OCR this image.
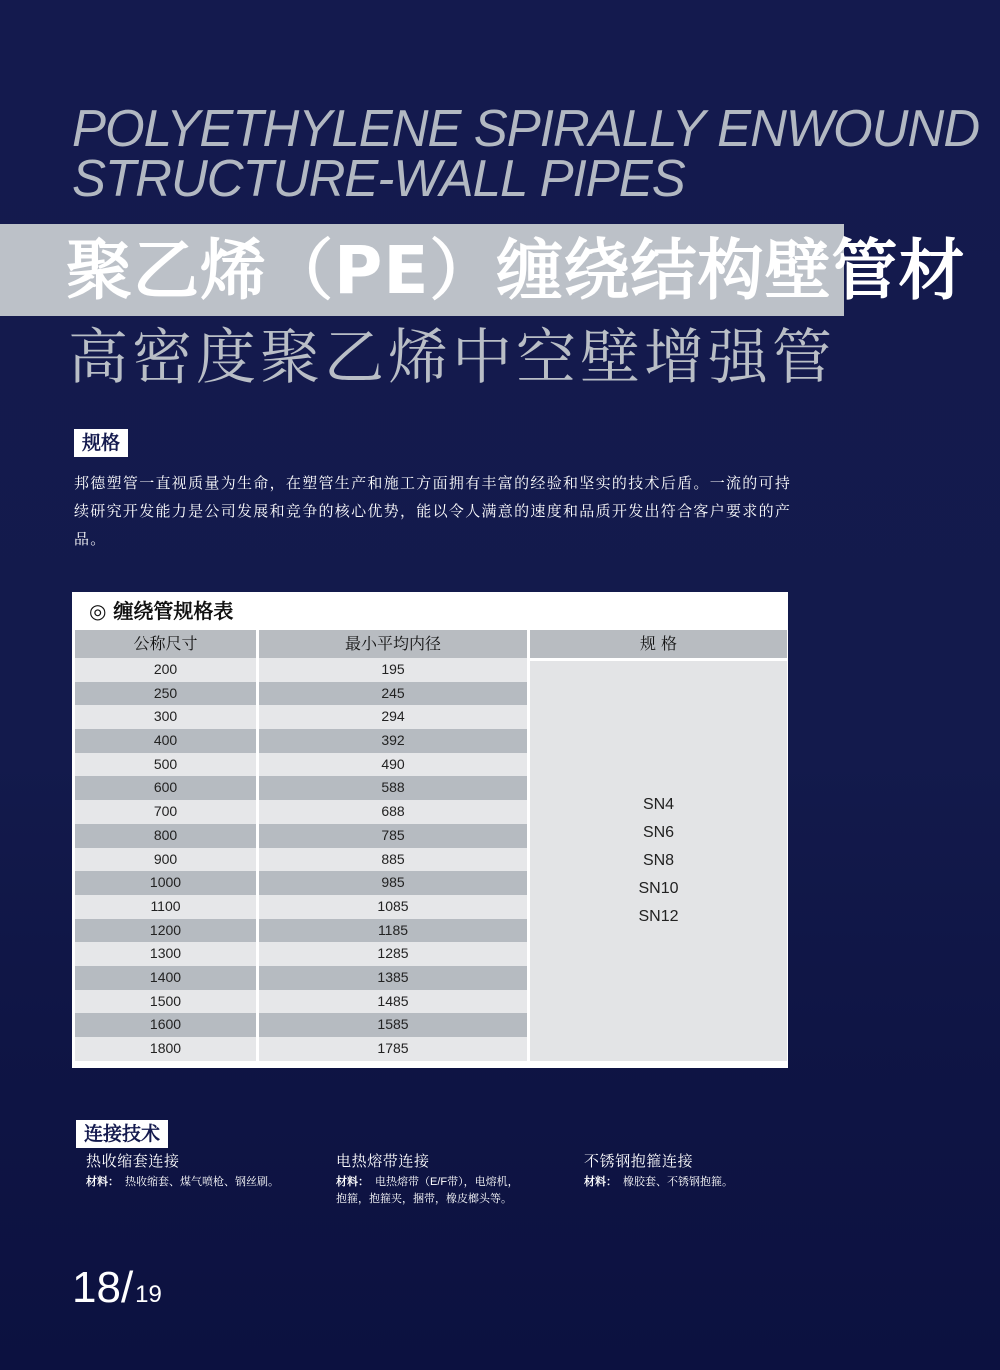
POLYETHYLENE SPIRALLY ENWOUND
STRUCTURE-WALL PIPES
聚乙烯（PE）缠绕结构壁管材
高密度聚乙烯中空壁增强管
规格

邦德塑管一直视质量为生命，在塑管生产和施工方面拥有丰富的经验和坚实的技术后盾。一流的可持续研究开发能力是公司发展和竞争的核心优势，能以令人满意的速度和品质开发出符合客户要求的产品。

◎ 缠绕管规格表
公称尺寸	最小平均内径	规 格
SN4
SN6
SN8
SN10
SN12
200	195
250	245
300	294
400	392
500	490
600	588
700	688
800	785
900	885
1000	985
1100	1085
1200	1185
1300	1285
1400	1385
1500	1485
1600	1585
1800	1785
连接技术
热收缩套连接
材料： 热收缩套、煤气喷枪、钢丝刷。
电热熔带连接
材料： 电热熔带（E/F带），电熔机，
抱箍，抱箍夹，捆带，橡皮榔头等。
不锈钢抱箍连接
材料： 橡胶套、不锈钢抱箍。
18/19
